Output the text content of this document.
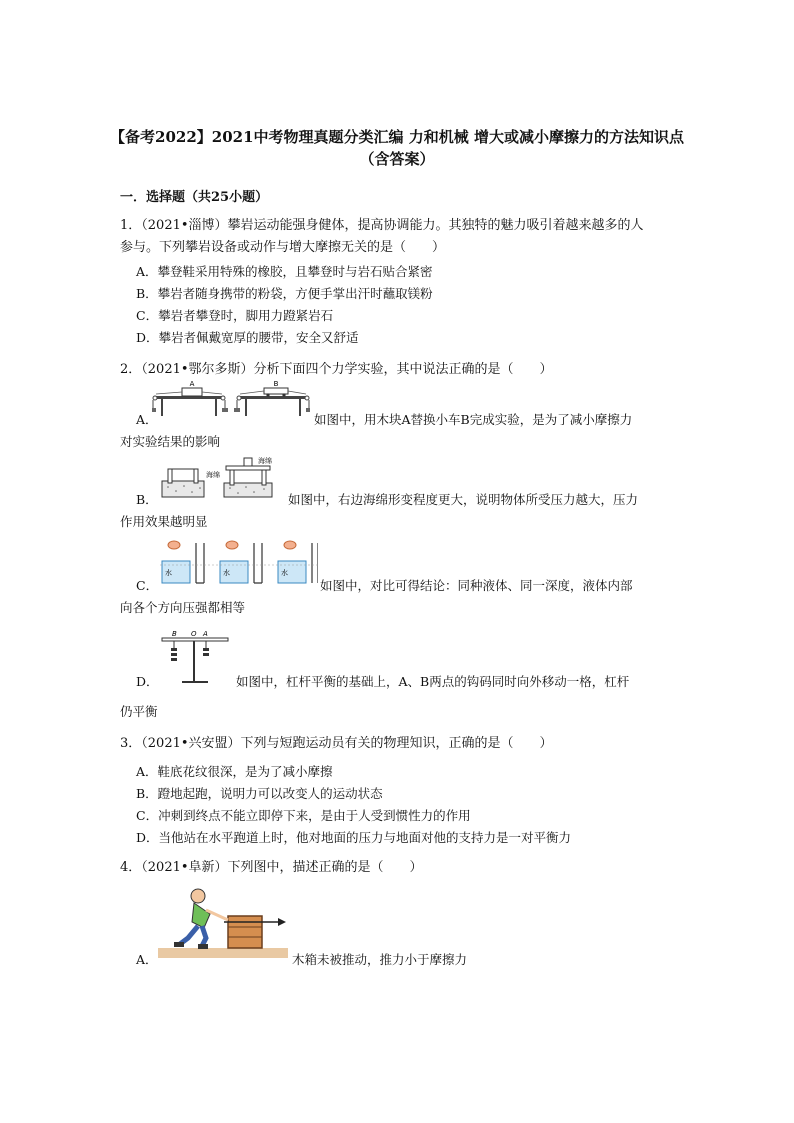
【备考2022】2021中考物理真题分类汇编 力和机械 增大或减小摩擦力的方法知识点
（含答案）
一．选择题（共25小题）
1．（2021•淄博）攀岩运动能强身健体，提高协调能力。其独特的魅力吸引着越来越多的人
参与。下列攀岩设备或动作与增大摩擦无关的是（　　）
A．攀登鞋采用特殊的橡胶，且攀登时与岩石贴合紧密
B．攀岩者随身携带的粉袋，方便手掌出汗时蘸取镁粉
C．攀岩者攀登时，脚用力蹬紧岩石
D．攀岩者佩戴宽厚的腰带，安全又舒适
2．（2021•鄂尔多斯）分析下面四个力学实验，其中说法正确的是（　　）
A	B
A．	如图中，用木块A替换小车B完成实验，是为了减小摩擦力
对实验结果的影响
海绵
海绵
B．	如图中，右边海绵形变程度更大，说明物体所受压力越大，压力
作用效果越明显
水	水	水
C．	如图中，对比可得结论：同种液体、同一深度，液体内部
向各个方向压强都相等
B O A
D．	如图中，杠杆平衡的基础上，A、B两点的钩码同时向外移动一格，杠杆
仍平衡
3．（2021•兴安盟）下列与短跑运动员有关的物理知识，正确的是（　　）
A．鞋底花纹很深，是为了减小摩擦
B．蹬地起跑，说明力可以改变人的运动状态
C．冲刺到终点不能立即停下来，是由于人受到惯性力的作用
D．当他站在水平跑道上时，他对地面的压力与地面对他的支持力是一对平衡力
4．（2021•阜新）下列图中，描述正确的是（　　）
A．	木箱未被推动，推力小于摩擦力
